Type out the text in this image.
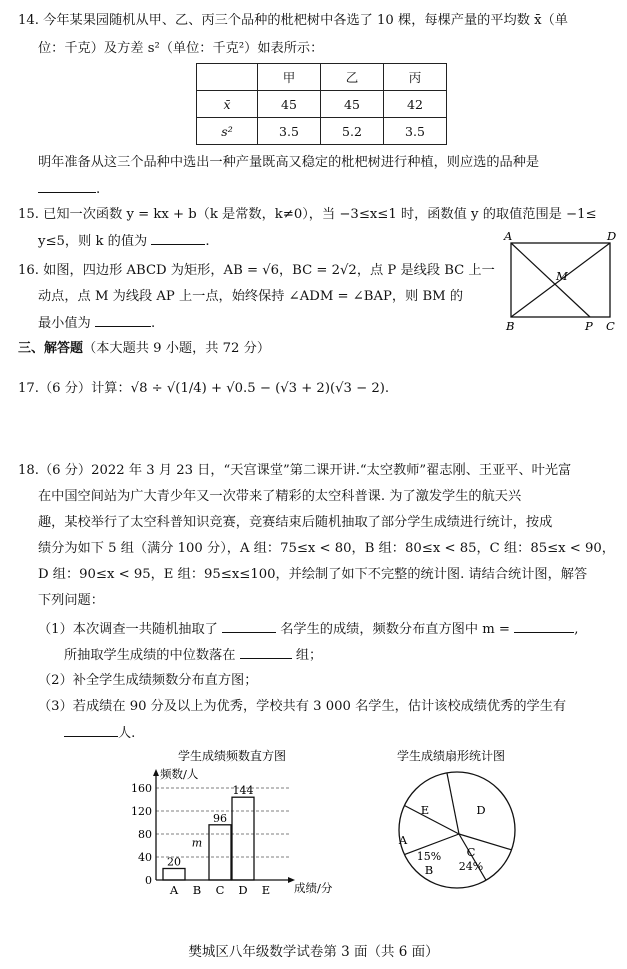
14. 今年某果园随机从甲、乙、丙三个品种的枇杷树中各选了 10 棵，每棵产量的平均数 x̄（单
位：千克）及方差 s²（单位：千克²）如表所示：
	甲	乙	丙
x̄	45	45	42
s²	3.5	5.2	3.5
明年准备从这三个品种中选出一种产量既高又稳定的枇杷树进行种植，则应选的品种是
.
15. 已知一次函数 y = kx + b（k 是常数，k≠0），当 −3≤x≤1 时，函数值 y 的取值范围是 −1≤
y≤5，则 k 的值为	.
16. 如图，四边形 ABCD 为矩形，AB = √6，BC = 2√2，点 P 是线段 BC 上一
动点，点 M 为线段 AP 上一点，始终保持 ∠ADM = ∠BAP，则 BM 的
最小值为	.
A	D
M
B	P C
三、解答题（本大题共 9 小题，共 72 分）
17.（6 分）计算：√8 ÷ √(1/4) + √0.5 − (√3 + 2)(√3 − 2).
18.（6 分）2022 年 3 月 23 日，“天宫课堂”第二课开讲.“太空教师”翟志刚、王亚平、叶光富
在中国空间站为广大青少年又一次带来了精彩的太空科普课. 为了激发学生的航天兴
趣，某校举行了太空科普知识竞赛，竞赛结束后随机抽取了部分学生成绩进行统计，按成
绩分为如下 5 组（满分 100 分），A 组：75≤x < 80，B 组：80≤x < 85，C 组：85≤x < 90，
D 组：90≤x < 95，E 组：95≤x≤100，并绘制了如下不完整的统计图. 请结合统计图，解答
下列问题：
（1）本次调查一共随机抽取了	名学生的成绩，频数分布直方图中 m =	,
所抽取学生成绩的中位数落在	组；
（2）补全学生成绩频数分布直方图；
（3）若成绩在 90 分及以上为优秀，学校共有 3 000 名学生，估计该校成绩优秀的学生有
人.
学生成绩频数直方图
频数/人
成绩/分
20
m
96
144
0
40
80
120
160
A B C D E
学生成绩扇形统计图
E	D
C
24%
B
15%
A
樊城区八年级数学试卷第 3 面（共 6 面）
